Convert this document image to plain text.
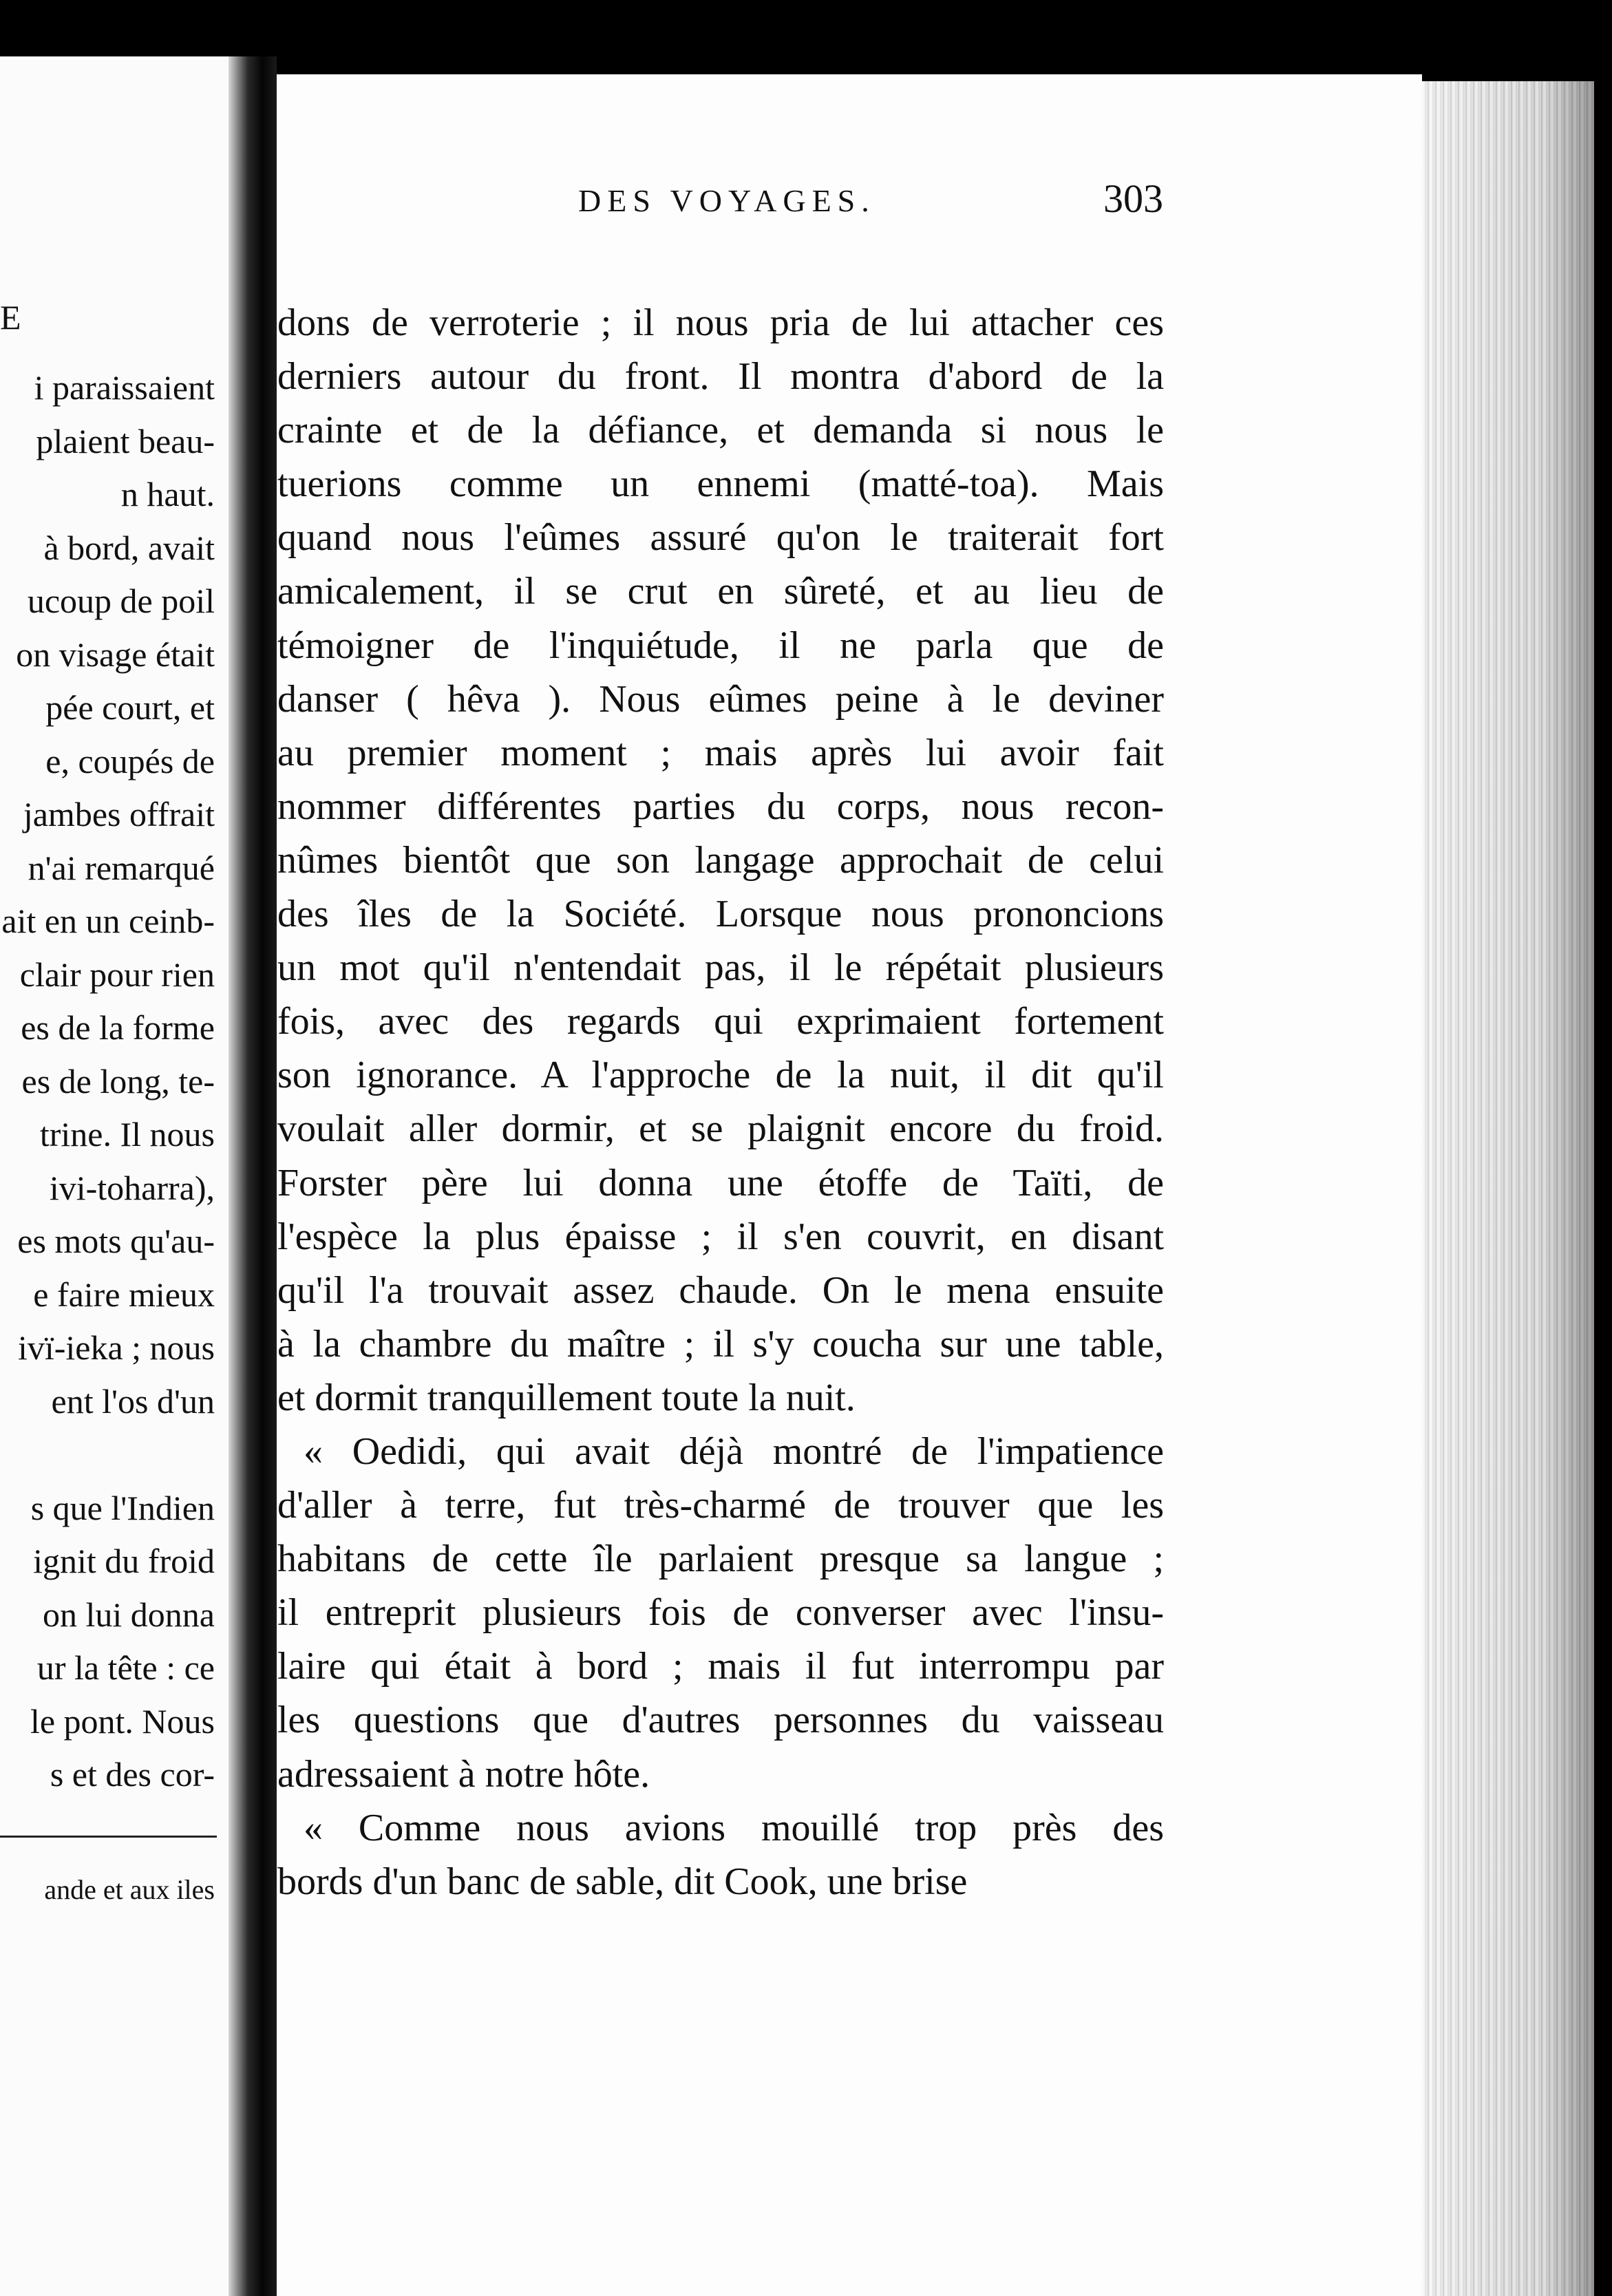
E
i paraissaient
plaient beau-
n haut.
à bord, avait
ucoup de poil
on visage était
pée court, et
e, coupés de
jambes offrait
n'ai remarqué
ait en un ceinb-
clair pour rien
es de la forme
es de long, te-
trine. Il nous
ivi-toharra),
es mots qu'au-
e faire mieux
ivï-ieka ; nous
ent l'os d'un
s que l'Indien
ignit du froid
on lui donna
ur la tête : ce
le pont. Nous
s et des cor-
ande et aux iles
DES VOYAGES.	303
dons de verroterie ; il nous pria de lui attacher ces
derniers autour du front. Il montra d'abord de la
crainte et de la défiance, et demanda si nous le
tuerions comme un ennemi (matté-toa). Mais
quand nous l'eûmes assuré qu'on le traiterait fort
amicalement, il se crut en sûreté, et au lieu de
témoigner de l'inquiétude, il ne parla que de
danser ( hêva ). Nous eûmes peine à le deviner
au premier moment ; mais après lui avoir fait
nommer différentes parties du corps, nous recon-
nûmes bientôt que son langage approchait de celui
des îles de la Société. Lorsque nous prononcions
un mot qu'il n'entendait pas, il le répétait plusieurs
fois, avec des regards qui exprimaient fortement
son ignorance. A l'approche de la nuit, il dit qu'il
voulait aller dormir, et se plaignit encore du froid.
Forster père lui donna une étoffe de Taïti, de
l'espèce la plus épaisse ; il s'en couvrit, en disant
qu'il l'a trouvait assez chaude. On le mena ensuite
à la chambre du maître ; il s'y coucha sur une table,
et dormit tranquillement toute la nuit.
« Oedidi, qui avait déjà montré de l'impatience
d'aller à terre, fut très-charmé de trouver que les
habitans de cette île parlaient presque sa langue ;
il entreprit plusieurs fois de converser avec l'insu-
laire qui était à bord ; mais il fut interrompu par
les questions que d'autres personnes du vaisseau
adressaient à notre hôte.
« Comme nous avions mouillé trop près des
bords d'un banc de sable, dit Cook, une brise
